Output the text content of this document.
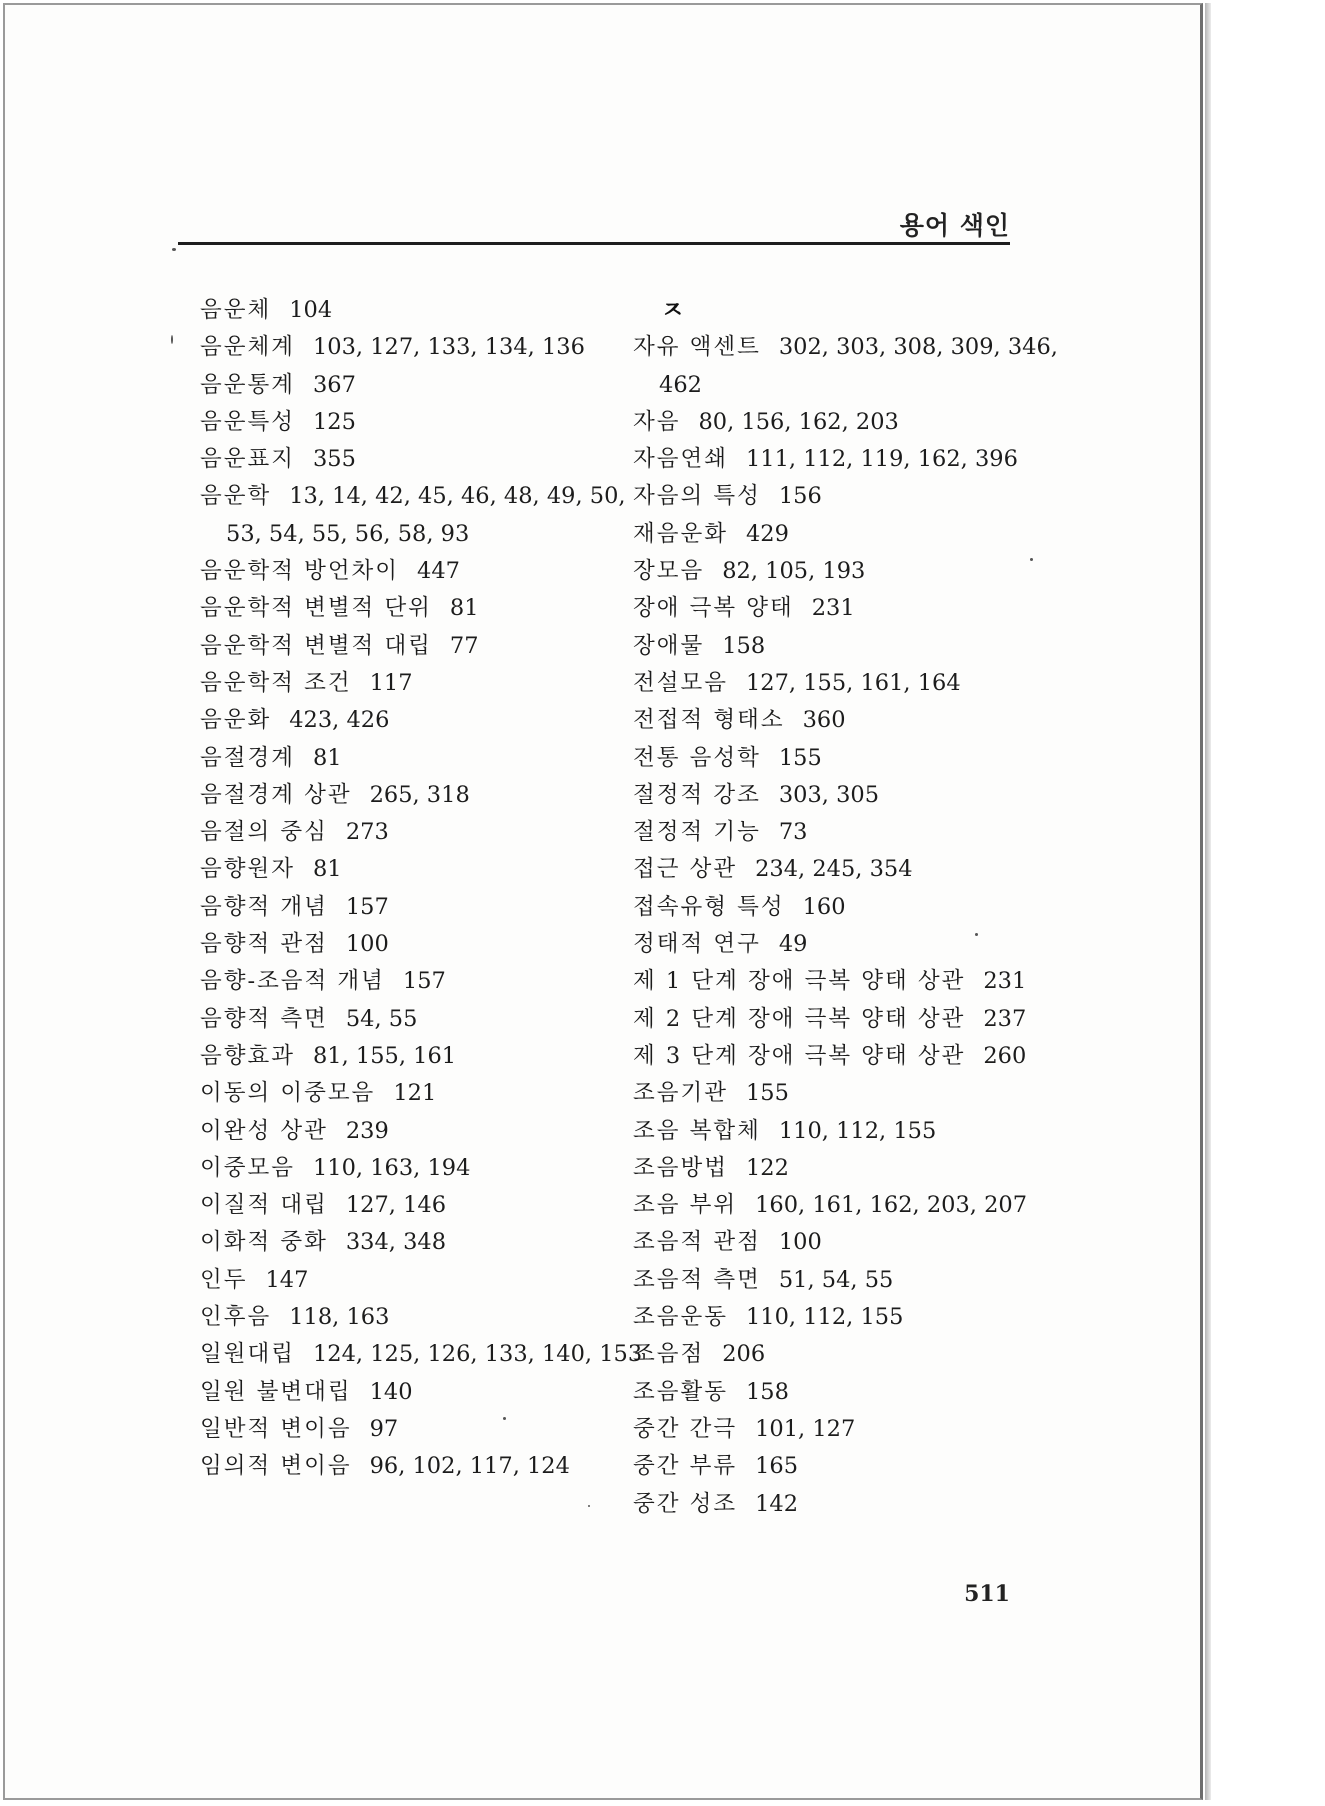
용어 색인
음운체 104
음운체계 103, 127, 133, 134, 136
음운통계 367
음운특성 125
음운표지 355
음운학 13, 14, 42, 45, 46, 48, 49, 50,
53, 54, 55, 56, 58, 93
음운학적 방언차이 447
음운학적 변별적 단위 81
음운학적 변별적 대립 77
음운학적 조건 117
음운화 423, 426
음절경계 81
음절경계 상관 265, 318
음절의 중심 273
음향원자 81
음향적 개념 157
음향적 관점 100
음향-조음적 개념 157
음향적 측면 54, 55
음향효과 81, 155, 161
이동의 이중모음 121
이완성 상관 239
이중모음 110, 163, 194
이질적 대립 127, 146
이화적 중화 334, 348
인두 147
인후음 118, 163
일원대립 124, 125, 126, 133, 140, 153
일원 불변대립 140
일반적 변이음 97
임의적 변이음 96, 102, 117, 124
ㅈ
자유 액센트 302, 303, 308, 309, 346,
462
자음 80, 156, 162, 203
자음연쇄 111, 112, 119, 162, 396
자음의 특성 156
재음운화 429
장모음 82, 105, 193
장애 극복 양태 231
장애물 158
전설모음 127, 155, 161, 164
전접적 형태소 360
전통 음성학 155
절정적 강조 303, 305
절정적 기능 73
접근 상관 234, 245, 354
접속유형 특성 160
정태적 연구 49
제 1 단계 장애 극복 양태 상관 231
제 2 단계 장애 극복 양태 상관 237
제 3 단계 장애 극복 양태 상관 260
조음기관 155
조음 복합체 110, 112, 155
조음방법 122
조음 부위 160, 161, 162, 203, 207
조음적 관점 100
조음적 측면 51, 54, 55
조음운동 110, 112, 155
조음점 206
조음활동 158
중간 간극 101, 127
중간 부류 165
중간 성조 142
511
